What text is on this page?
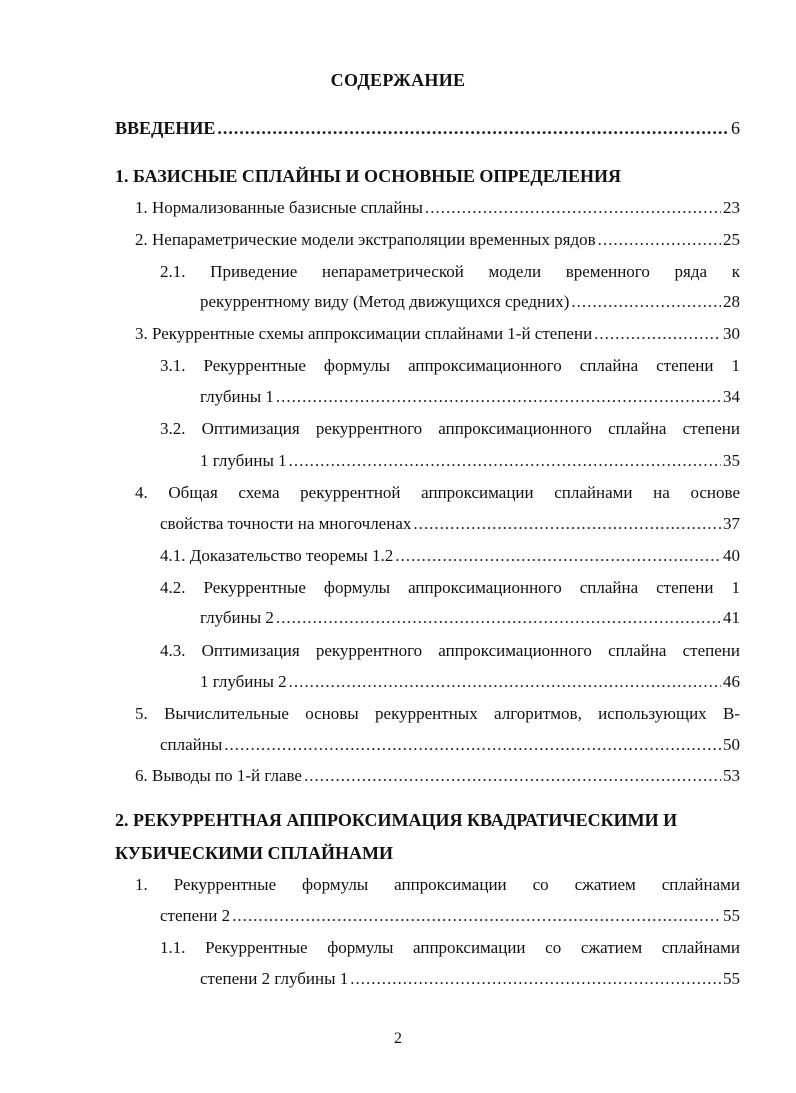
СОДЕРЖАНИЕ
ВВЕДЕНИЕ .....	6
1. БАЗИСНЫЕ СПЛАЙНЫ И ОСНОВНЫЕ ОПРЕДЕЛЕНИЯ
1. Нормализованные базисные сплайны .....	23
2. Непараметрические модели экстраполяции временных рядов .....	25
2.1. Приведение непараметрической модели временного ряда к
рекуррентному виду (Метод движущихся средних) .....	28
3. Рекуррентные схемы аппроксимации сплайнами 1-й степени .....	30
3.1. Рекуррентные формулы аппроксимационного сплайна степени 1
глубины 1 .....	34
3.2. Оптимизация рекуррентного аппроксимационного сплайна степени
1 глубины 1 .....	35
4. Общая схема рекуррентной аппроксимации сплайнами на основе
свойства точности на многочленах .....	37
4.1. Доказательство теоремы 1.2 .....	40
4.2. Рекуррентные формулы аппроксимационного сплайна степени 1
глубины 2 .....	41
4.3. Оптимизация рекуррентного аппроксимационного сплайна степени
1 глубины 2 .....	46
5. Вычислительные основы рекуррентных алгоритмов, использующих B-
сплайны .....	50
6. Выводы по 1-й главе .....	53
2. РЕКУРРЕНТНАЯ АППРОКСИМАЦИЯ КВАДРАТИЧЕСКИМИ И
КУБИЧЕСКИМИ СПЛАЙНАМИ
1. Рекуррентные формулы аппроксимации со сжатием сплайнами
степени 2 .....	55
1.1. Рекуррентные формулы аппроксимации со сжатием сплайнами
степени 2 глубины 1 .....	55
2
